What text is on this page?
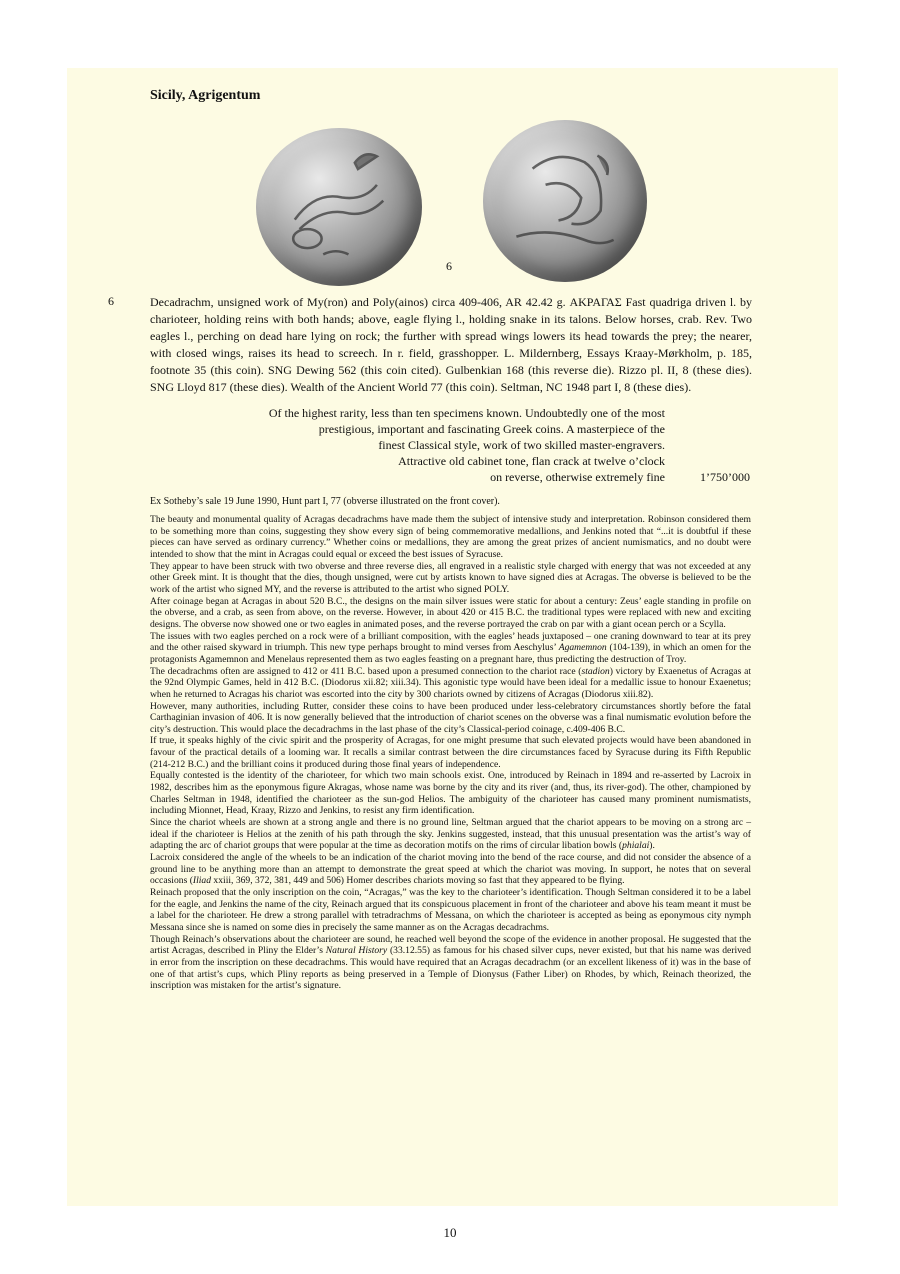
Sicily, Agrigentum
6
6	Decadrachm, unsigned work of My(ron) and Poly(ainos) circa 409-406, AR 42.42 g. ΑΚΡΑΓΑΣ Fast quadriga driven l. by charioteer, holding reins with both hands; above, eagle flying l., holding snake in its talons. Below horses, crab. Rev. Two eagles l., perching on dead hare lying on rock; the further with spread wings lowers its head towards the prey; the nearer, with closed wings, raises its head to screech. In r. field, grasshopper. L. Mildernberg, Essays Kraay-Mørkholm, p. 185, footnote 35 (this coin). SNG Dewing 562 (this coin cited). Gulbenkian 168 (this reverse die). Rizzo pl. II, 8 (these dies). SNG Lloyd 817 (these dies). Wealth of the Ancient World 77 (this coin). Seltman, NC 1948 part I, 8 (these dies).

Of the highest rarity, less than ten specimens known. Undoubtedly one of the most
prestigious, important and fascinating Greek coins. A masterpiece of the
finest Classical style, work of two skilled master-engravers.
Attractive old cabinet tone, flan crack at twelve o’clock
on reverse, otherwise extremely fine	1’750’000
Ex Sotheby’s sale 19 June 1990, Hunt part I, 77 (obverse illustrated on the front cover).

The beauty and monumental quality of Acragas decadrachms have made them the subject of intensive study and interpretation. Robinson considered them to be something more than coins, suggesting they show every sign of being commemorative medallions, and Jenkins noted that “...it is doubtful if these pieces can have served as ordinary currency.” Whether coins or medallions, they are among the great prizes of ancient numismatics, and no doubt were intended to show that the mint in Acragas could equal or exceed the best issues of Syracuse.

They appear to have been struck with two obverse and three reverse dies, all engraved in a realistic style charged with energy that was not exceeded at any other Greek mint. It is thought that the dies, though unsigned, were cut by artists known to have signed dies at Acragas. The obverse is believed to be the work of the artist who signed MY, and the reverse is attributed to the artist who signed POLY.

After coinage began at Acragas in about 520 B.C., the designs on the main silver issues were static for about a century: Zeus’ eagle standing in profile on the obverse, and a crab, as seen from above, on the reverse. However, in about 420 or 415 B.C. the traditional types were replaced with new and exciting designs. The obverse now showed one or two eagles in animated poses, and the reverse portrayed the crab on par with a giant ocean perch or a Scylla.

The issues with two eagles perched on a rock were of a brilliant composition, with the eagles’ heads juxtaposed – one craning downward to tear at its prey and the other raised skyward in triumph. This new type perhaps brought to mind verses from Aeschylus’ Agamemnon (104-139), in which an omen for the protagonists Agamemnon and Menelaus represented them as two eagles feasting on a pregnant hare, thus predicting the destruction of Troy.

The decadrachms often are assigned to 412 or 411 B.C. based upon a presumed connection to the chariot race (stadion) victory by Exaenetus of Acragas at the 92nd Olympic Games, held in 412 B.C. (Diodorus xii.82; xiii.34). This agonistic type would have been ideal for a medallic issue to honour Exaenetus; when he returned to Acragas his chariot was escorted into the city by 300 chariots owned by citizens of Acragas (Diodorus xiii.82).

However, many authorities, including Rutter, consider these coins to have been produced under less-celebratory circumstances shortly before the fatal Carthaginian invasion of 406. It is now generally believed that the introduction of chariot scenes on the obverse was a final numismatic evolution before the city’s destruction. This would place the decadrachms in the last phase of the city’s Classical-period coinage, c.409-406 B.C.

If true, it speaks highly of the civic spirit and the prosperity of Acragas, for one might presume that such elevated projects would have been abandoned in favour of the practical details of a looming war. It recalls a similar contrast between the dire circumstances faced by Syracuse during its Fifth Republic (214-212 B.C.) and the brilliant coins it produced during those final years of independence.

Equally contested is the identity of the charioteer, for which two main schools exist. One, introduced by Reinach in 1894 and re-asserted by Lacroix in 1982, describes him as the eponymous figure Akragas, whose name was borne by the city and its river (and, thus, its river-god). The other, championed by Charles Seltman in 1948, identified the charioteer as the sun-god Helios. The ambiguity of the charioteer has caused many prominent numismatists, including Mionnet, Head, Kraay, Rizzo and Jenkins, to resist any firm identification.

Since the chariot wheels are shown at a strong angle and there is no ground line, Seltman argued that the chariot appears to be moving on a strong arc – ideal if the charioteer is Helios at the zenith of his path through the sky. Jenkins suggested, instead, that this unusual presentation was the artist’s way of adapting the arc of chariot groups that were popular at the time as decoration motifs on the rims of circular libation bowls (phialai).

Lacroix considered the angle of the wheels to be an indication of the chariot moving into the bend of the race course, and did not consider the absence of a ground line to be anything more than an attempt to demonstrate the great speed at which the chariot was moving. In support, he notes that on several occasions (Iliad xxiii, 369, 372, 381, 449 and 506) Homer describes chariots moving so fast that they appeared to be flying.

Reinach proposed that the only inscription on the coin, “Acragas,” was the key to the charioteer’s identification. Though Seltman considered it to be a label for the eagle, and Jenkins the name of the city, Reinach argued that its conspicuous placement in front of the charioteer and above his team meant it must be a label for the charioteer. He drew a strong parallel with tetradrachms of Messana, on which the charioteer is accepted as being as eponymous city nymph Messana since she is named on some dies in precisely the same manner as on the Acragas decadrachms.

Though Reinach’s observations about the charioteer are sound, he reached well beyond the scope of the evidence in another proposal. He suggested that the artist Acragas, described in Pliny the Elder’s Natural History (33.12.55) as famous for his chased silver cups, never existed, but that his name was derived in error from the inscription on these decadrachms. This would have required that an Acragas decadrachm (or an excellent likeness of it) was in the base of one of that artist’s cups, which Pliny reports as being preserved in a Temple of Dionysus (Father Liber) on Rhodes, by which, Reinach theorized, the inscription was mistaken for the artist’s signature.

10
